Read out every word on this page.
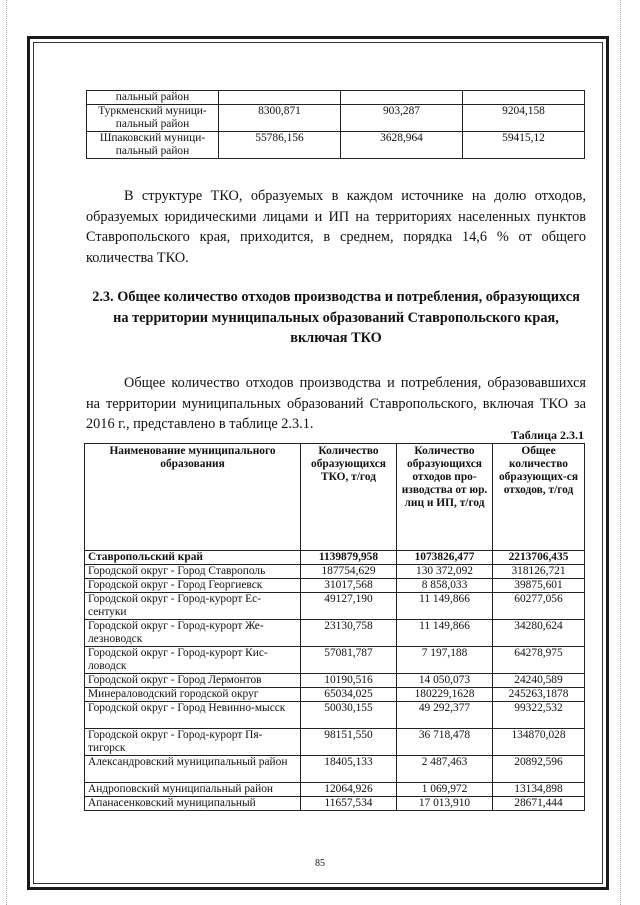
пальный район			
Туркменский муници-пальный район	8300,871	903,287	9204,158
Шпаковский муници-пальный район	55786,156	3628,964	59415,12
В структуре ТКО, образуемых в каждом источнике на долю отходов, образуемых юридическими лицами и ИП на территориях населенных пунктов Ставропольского края, приходится, в среднем, порядка 14,6 % от общего количества ТКО.
2.3. Общее количество отходов производства и потребления, образующихся на территории муниципальных образований Ставропольского края, включая ТКО
Общее количество отходов производства и потребления, образовавшихся на территории муниципальных образований Ставропольского, включая ТКО за 2016 г., представлено в таблице 2.3.1.
Таблица 2.3.1
Наименование муниципального образования	Количество образующихся ТКО, т/год	Количество образующихся отходов про-изводства от юр. лиц и ИП, т/год	Общее количество образующих-ся отходов, т/год
Ставропольский край	1139879,958	1073826,477	2213706,435
Городской округ - Город Ставрополь	187754,629	130 372,092	318126,721
Городской округ - Город Георгиевск	31017,568	8 858,033	39875,601
Городской округ - Город-курорт Ес-сентуки	49127,190	11 149,866	60277,056
Городской округ - Город-курорт Же-лезноводск	23130,758	11 149,866	34280,624
Городской округ - Город-курорт Кис-ловодск	57081,787	7 197,188	64278,975
Городской округ - Город Лермонтов	10190,516	14 050,073	24240,589
Минераловодский городской округ	65034,025	180229,1628	245263,1878
Городской округ - Город Невинно-мысск	50030,155	49 292,377	99322,532
Городской округ - Город-курорт Пя-тигорск	98151,550	36 718,478	134870,028
Александровский муниципальный район	18405,133	2 487,463	20892,596
Андроповский муниципальный район	12064,926	1 069,972	13134,898
Апанасенковский муниципальный	11657,534	17 013,910	28671,444
85
